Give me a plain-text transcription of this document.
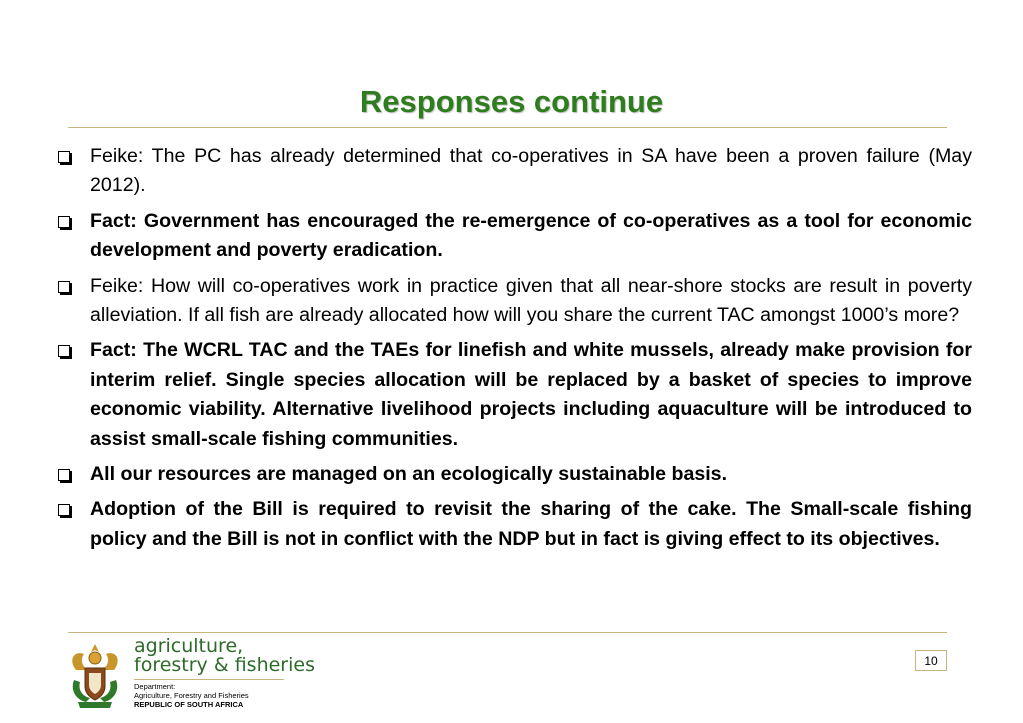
Responses continue
Feike: The PC has already determined that co-operatives in SA have been a proven failure (May 2012).
Fact: Government has encouraged the re-emergence of co-operatives as a tool for economic development and poverty eradication.
Feike: How will co-operatives work in practice given that all near-shore stocks are result in poverty alleviation. If all fish are already allocated how will you share the current TAC amongst 1000’s more?
Fact: The WCRL TAC and the TAEs for linefish and white mussels, already make provision for interim relief. Single species allocation will be replaced by a basket of species to improve economic viability. Alternative livelihood projects including aquaculture will be introduced to assist small-scale fishing communities.
All our resources are managed on an ecologically sustainable basis.
Adoption of the Bill is required to revisit the sharing of the cake. The Small-scale fishing policy and the Bill is not in conflict with the NDP but in fact is giving effect to its objectives.
agriculture,
forestry & fisheries
Department:
Agriculture, Forestry and Fisheries
REPUBLIC OF SOUTH AFRICA
10
